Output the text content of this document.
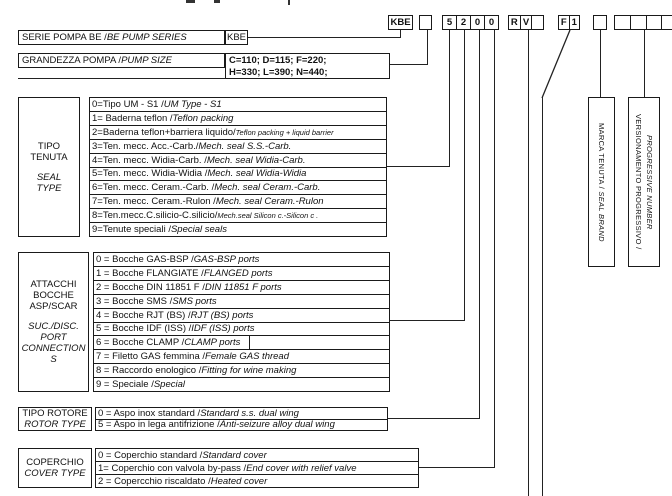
KBE	5 2 0 0	R V	F 1
SERIE POMPA BE / BE PUMP SERIES	KBE
GRANDEZZA POMPA / PUMP SIZE	C=110; D=115; F=220;
H=330; L=390; N=440;
TIPO
TENUTA
SEAL
TYPE
0=Tipo UM - S1 / UM Type - S1
1= Baderna teflon / Teflon packing
2=Baderna teflon+barriera liquido/ Teflon packing + liquid barrier
3=Ten. mecc. Acc.-Carb./ Mech. seal S.S.-Carb.
4=Ten. mecc. Widia-Carb. / Mech. seal Widia-Carb.
5=Ten. mecc. Widia-Widia / Mech. seal Widia-Widia
6=Ten. mecc. Ceram.-Carb. / Mech. seal Ceram.-Carb.
7=Ten. mecc. Ceram.-Rulon / Mech. seal Ceram.-Rulon
8=Ten.mecc.C.silicio-C.silicio/ Mech.seal Silicon c.-Silicon c .
9=Tenute speciali / Special seals
ATTACCHI
BOCCHE
ASP/SCAR
SUC./DISC.
PORT
CONNECTION
S
0 = Bocche GAS-BSP / GAS-BSP ports
1 = Bocche FLANGIATE / FLANGED ports
2 = Bocche DIN 11851 F / DIN 11851 F ports
3 = Bocche SMS / SMS ports
4 = Bocche RJT (BS) / RJT (BS) ports
5 = Bocche IDF (ISS) / IDF (ISS) ports
6 = Bocche CLAMP / CLAMP ports
7 = Filetto GAS femmina / Female GAS thread
8 = Raccordo enologico / Fitting for wine making
9 = Speciale / Special
TIPO ROTORE
ROTOR TYPE
0 = Aspo inox standard / Standard s.s. dual wing
5 = Aspo in lega antifrizione / Anti-seizure alloy dual wing
COPERCHIO
COVER TYPE
0 = Coperchio standard / Standard cover
1= Coperchio con valvola by-pass / End cover with relief valve
2 = Copercchio riscaldato / Heated cover
MARCA TENUTA / SEAL BRAND	VERSIONAMENTO PROGRESSIVO / PROGRESSIVE NUMBER
